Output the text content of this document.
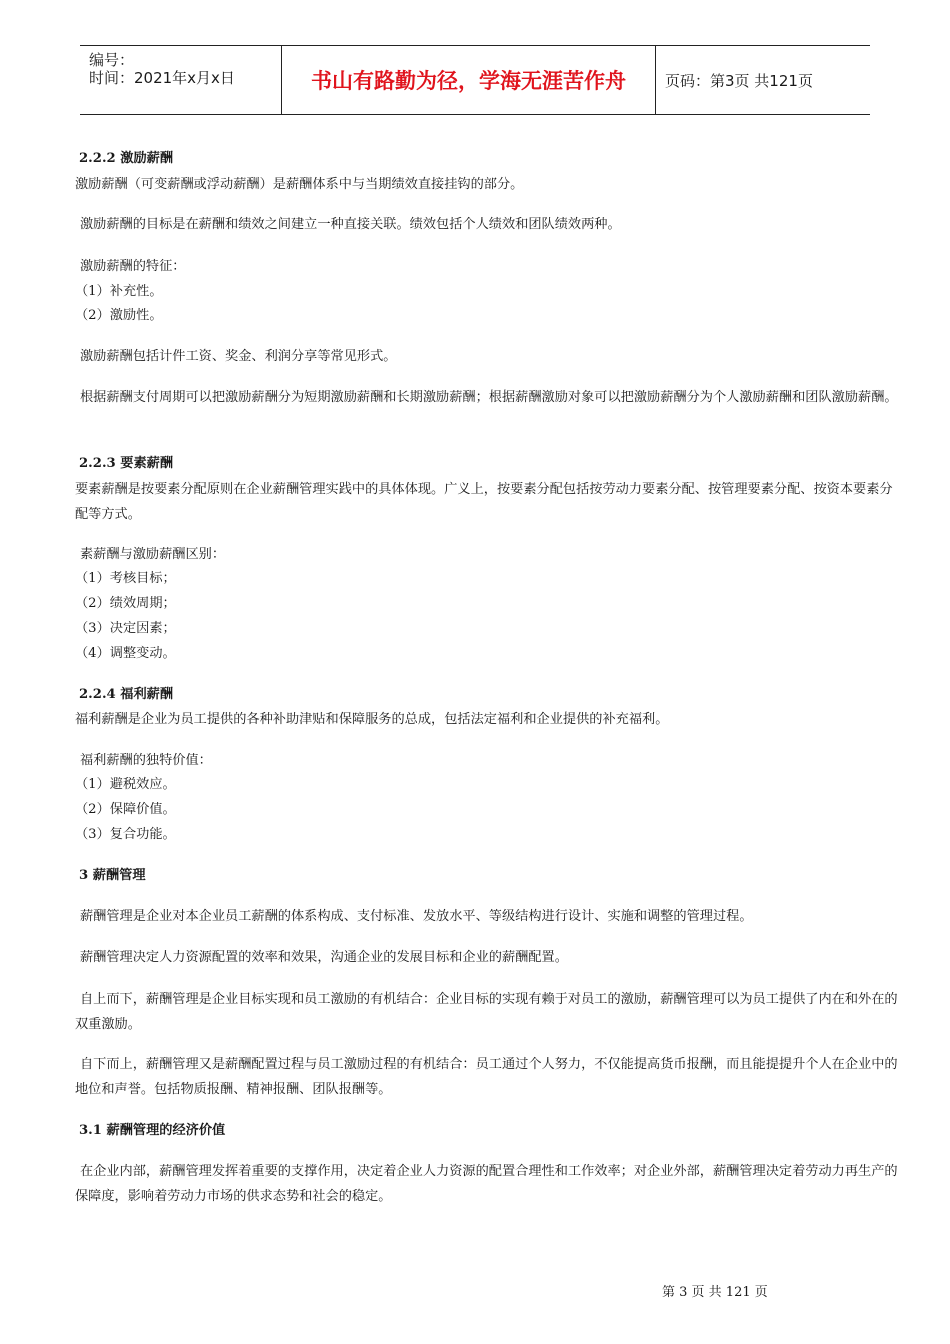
编号：
时间：2021年x月x日	书山有路勤为径，学海无涯苦作舟	页码：第3页 共121页
2.2.2 激励薪酬
激励薪酬（可变薪酬或浮动薪酬）是薪酬体系中与当期绩效直接挂钩的部分。
激励薪酬的目标是在薪酬和绩效之间建立一种直接关联。绩效包括个人绩效和团队绩效两种。
激励薪酬的特征：
（1）补充性。
（2）激励性。
激励薪酬包括计件工资、奖金、利润分享等常见形式。
根据薪酬支付周期可以把激励薪酬分为短期激励薪酬和长期激励薪酬；根据薪酬激励对象可以把激励薪酬分为个人激励薪酬和团队激励薪酬。
2.2.3 要素薪酬
要素薪酬是按要素分配原则在企业薪酬管理实践中的具体体现。广义上，按要素分配包括按劳动力要素分配、按管理要素分配、按资本要素分配等方式。
素薪酬与激励薪酬区别：
（1）考核目标；
（2）绩效周期；
（3）决定因素；
（4）调整变动。
2.2.4 福利薪酬
福利薪酬是企业为员工提供的各种补助津贴和保障服务的总成，包括法定福利和企业提供的补充福利。
福利薪酬的独特价值：
（1）避税效应。
（2）保障价值。
（3）复合功能。
3 薪酬管理
薪酬管理是企业对本企业员工薪酬的体系构成、支付标准、发放水平、等级结构进行设计、实施和调整的管理过程。
薪酬管理决定人力资源配置的效率和效果，沟通企业的发展目标和企业的薪酬配置。
自上而下，薪酬管理是企业目标实现和员工激励的有机结合：企业目标的实现有赖于对员工的激励，薪酬管理可以为员工提供了内在和外在的双重激励。
自下而上，薪酬管理又是薪酬配置过程与员工激励过程的有机结合：员工通过个人努力，不仅能提高货币报酬，而且能提提升个人在企业中的地位和声誉。包括物质报酬、精神报酬、团队报酬等。
3.1 薪酬管理的经济价值
在企业内部，薪酬管理发挥着重要的支撑作用，决定着企业人力资源的配置合理性和工作效率；对企业外部，薪酬管理决定着劳动力再生产的保障度，影响着劳动力市场的供求态势和社会的稳定。
第 3 页 共 121 页
